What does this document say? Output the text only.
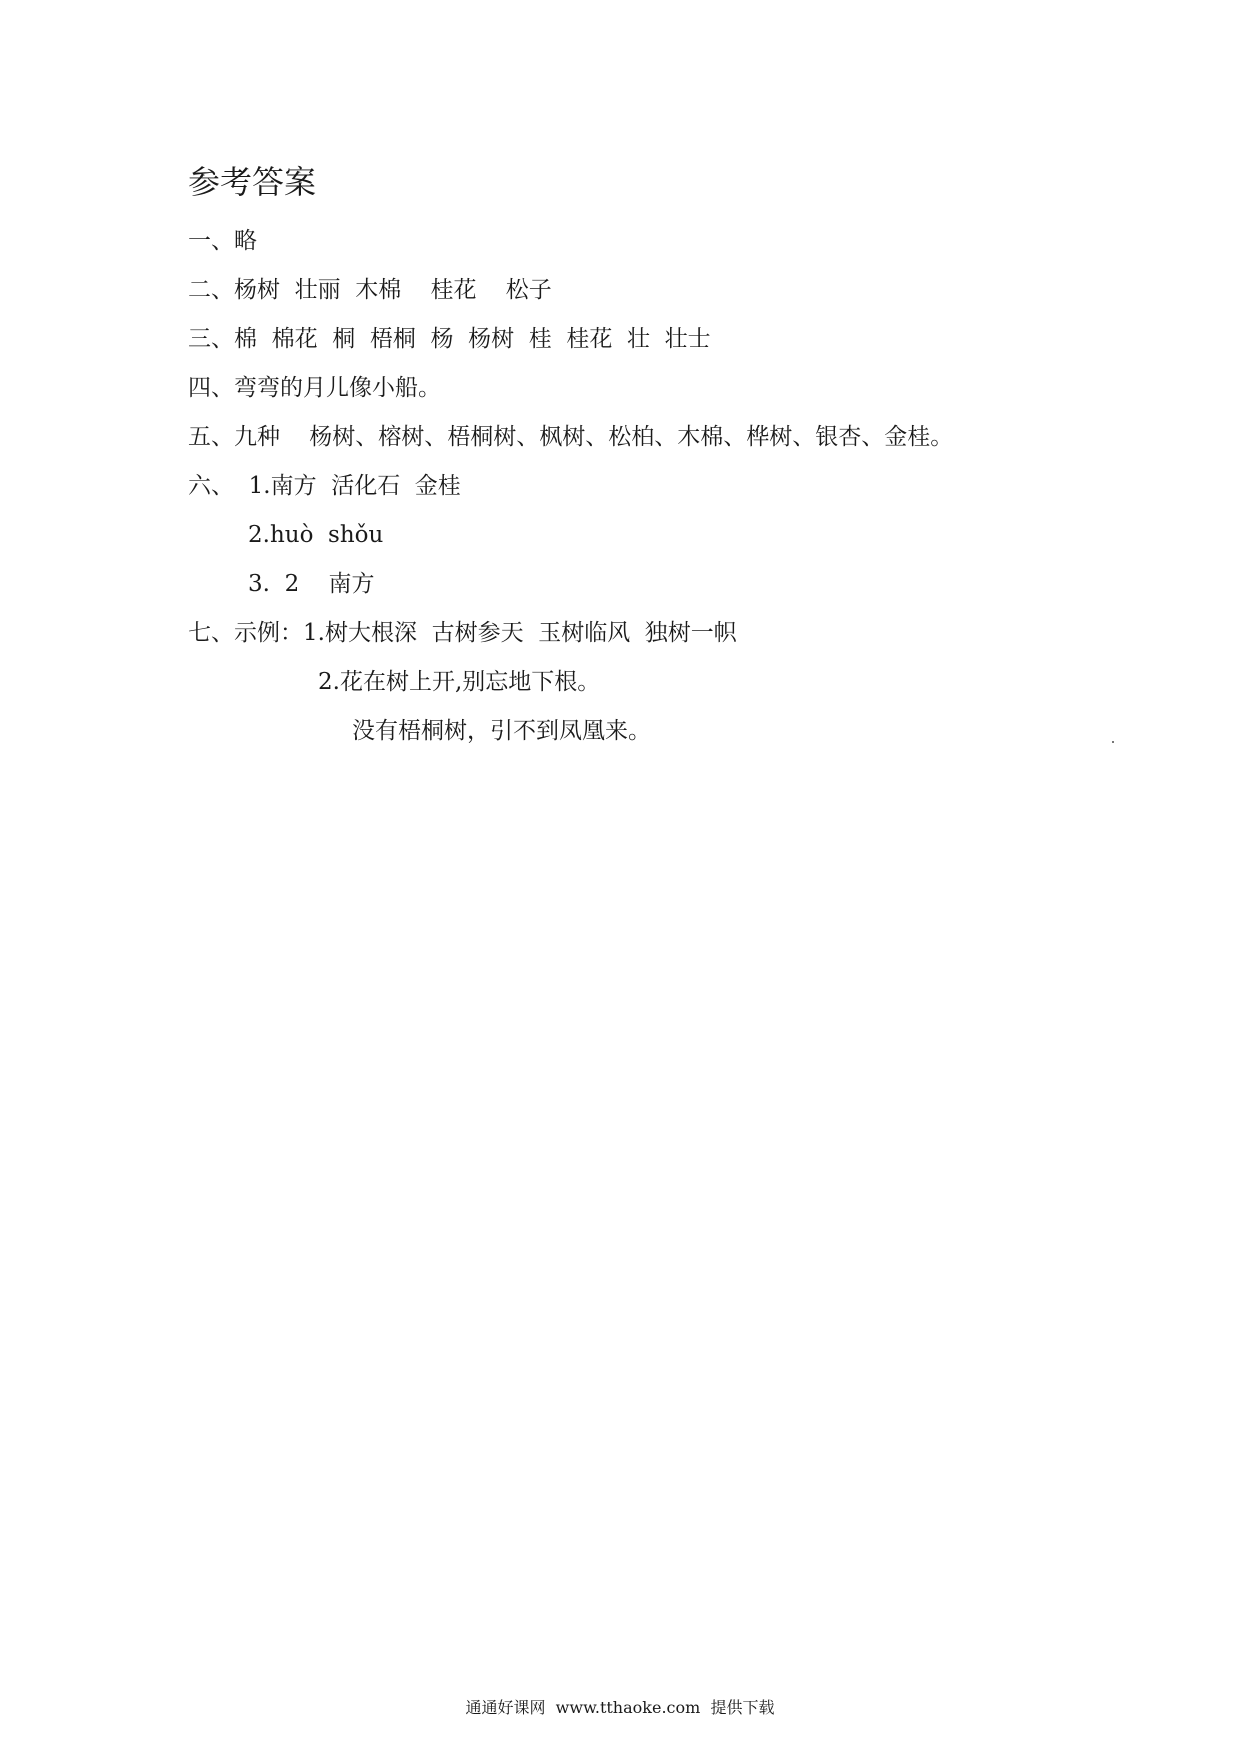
参考答案
一、略
二、杨树  壮丽  木棉    桂花    松子
三、棉  棉花  桐  梧桐  杨  杨树  桂  桂花  壮  壮士
四、弯弯的月儿像小船。
五、九种    杨树、榕树、梧桐树、枫树、松柏、木棉、桦树、银杏、金桂。
六、  1.南方  活化石  金桂
2.huò  shǒu
3.  2    南方
七、示例：1.树大根深  古树参天  玉树临风  独树一帜
2.花在树上开,别忘地下根。
没有梧桐树，引不到凤凰来。
通通好课网  www.tthaoke.com  提供下载
